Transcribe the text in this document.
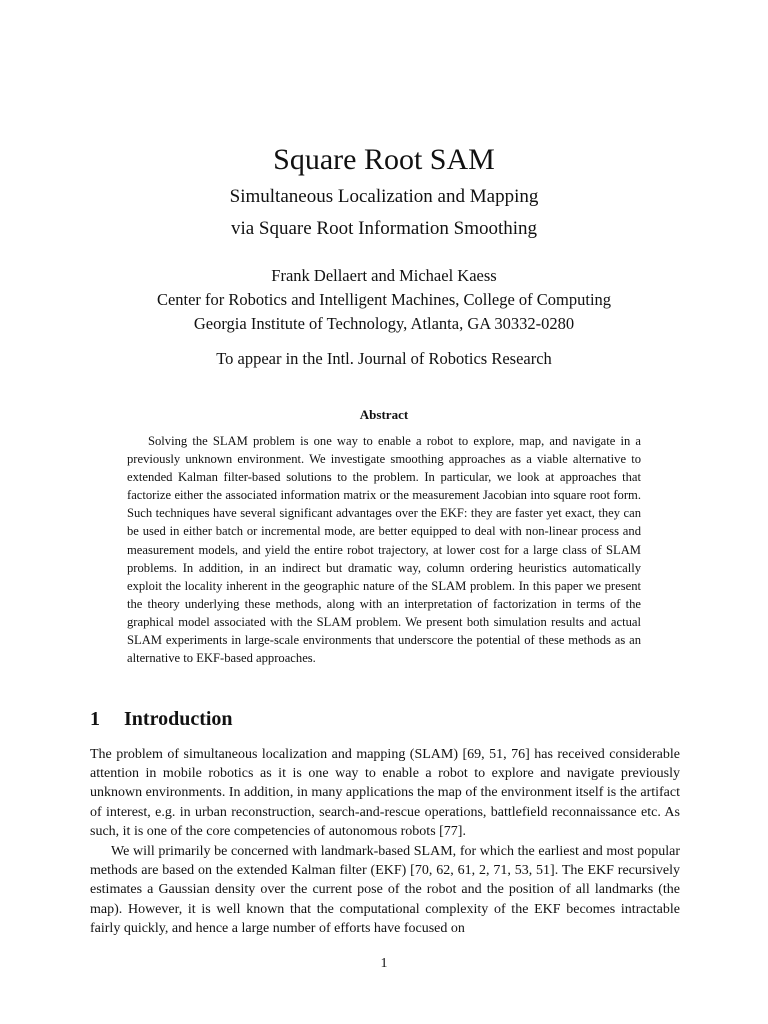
Square Root SAM
Simultaneous Localization and Mapping
via Square Root Information Smoothing
Frank Dellaert and Michael Kaess
Center for Robotics and Intelligent Machines, College of Computing
Georgia Institute of Technology, Atlanta, GA 30332-0280
To appear in the Intl. Journal of Robotics Research
Abstract

Solving the SLAM problem is one way to enable a robot to explore, map, and navigate in a previously unknown environment. We investigate smoothing approaches as a viable alternative to extended Kalman filter-based solutions to the problem. In particular, we look at approaches that factorize either the associated information matrix or the measurement Jacobian into square root form. Such techniques have several significant advantages over the EKF: they are faster yet exact, they can be used in either batch or incremental mode, are better equipped to deal with non-linear process and measurement models, and yield the entire robot trajectory, at lower cost for a large class of SLAM problems. In addition, in an indirect but dramatic way, column ordering heuristics automatically exploit the locality inherent in the geographic nature of the SLAM problem. In this paper we present the theory underlying these methods, along with an interpretation of factorization in terms of the graphical model associated with the SLAM problem. We present both simulation results and actual SLAM experiments in large-scale environments that underscore the potential of these methods as an alternative to EKF-based approaches.

1 Introduction

The problem of simultaneous localization and mapping (SLAM) [69, 51, 76] has received considerable attention in mobile robotics as it is one way to enable a robot to explore and navigate previously unknown environments. In addition, in many applications the map of the environment itself is the artifact of interest, e.g. in urban reconstruction, search-and-rescue operations, battlefield reconnaissance etc. As such, it is one of the core competencies of autonomous robots [77].

We will primarily be concerned with landmark-based SLAM, for which the earliest and most popular methods are based on the extended Kalman filter (EKF) [70, 62, 61, 2, 71, 53, 51]. The EKF recursively estimates a Gaussian density over the current pose of the robot and the position of all landmarks (the map). However, it is well known that the computational complexity of the EKF becomes intractable fairly quickly, and hence a large number of efforts have focused on

1
